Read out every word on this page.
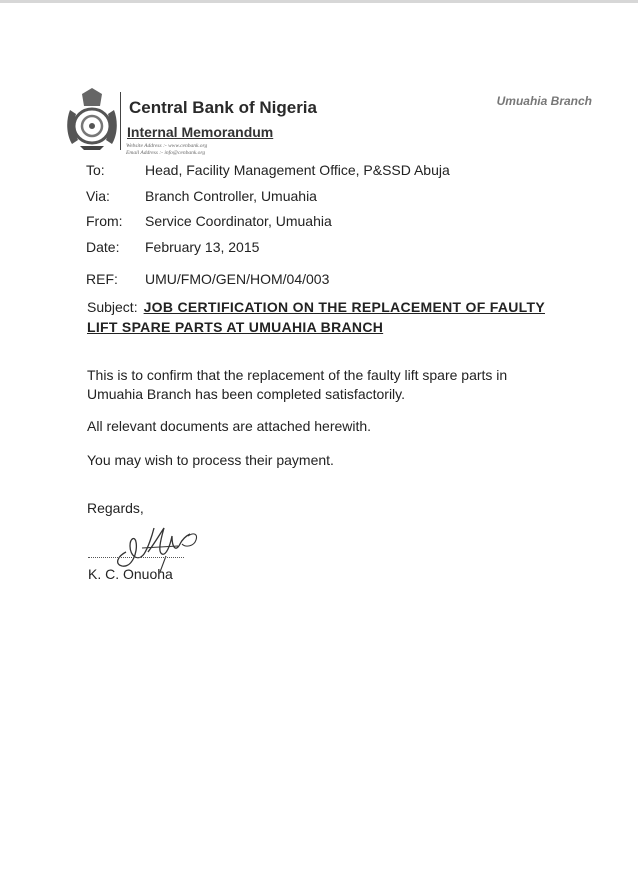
Central Bank of Nigeria
Internal Memorandum
Website Address :- www.cenbank.org
Email Address :- info@cenbank.org
Umuahia Branch
To:	Head, Facility Management Office, P&SSD Abuja
Via:	Branch Controller, Umuahia
From: Service Coordinator, Umuahia
Date: February 13, 2015
REF: UMU/FMO/GEN/HOM/04/003
Subject: JOB CERTIFICATION ON THE REPLACEMENT OF FAULTY LIFT SPARE PARTS AT UMUAHIA BRANCH
This is to confirm that the replacement of the faulty lift spare parts in Umuahia Branch has been completed satisfactorily.
All relevant documents are attached herewith.
You may wish to process their payment.
Regards,
K. C. Onuoha
